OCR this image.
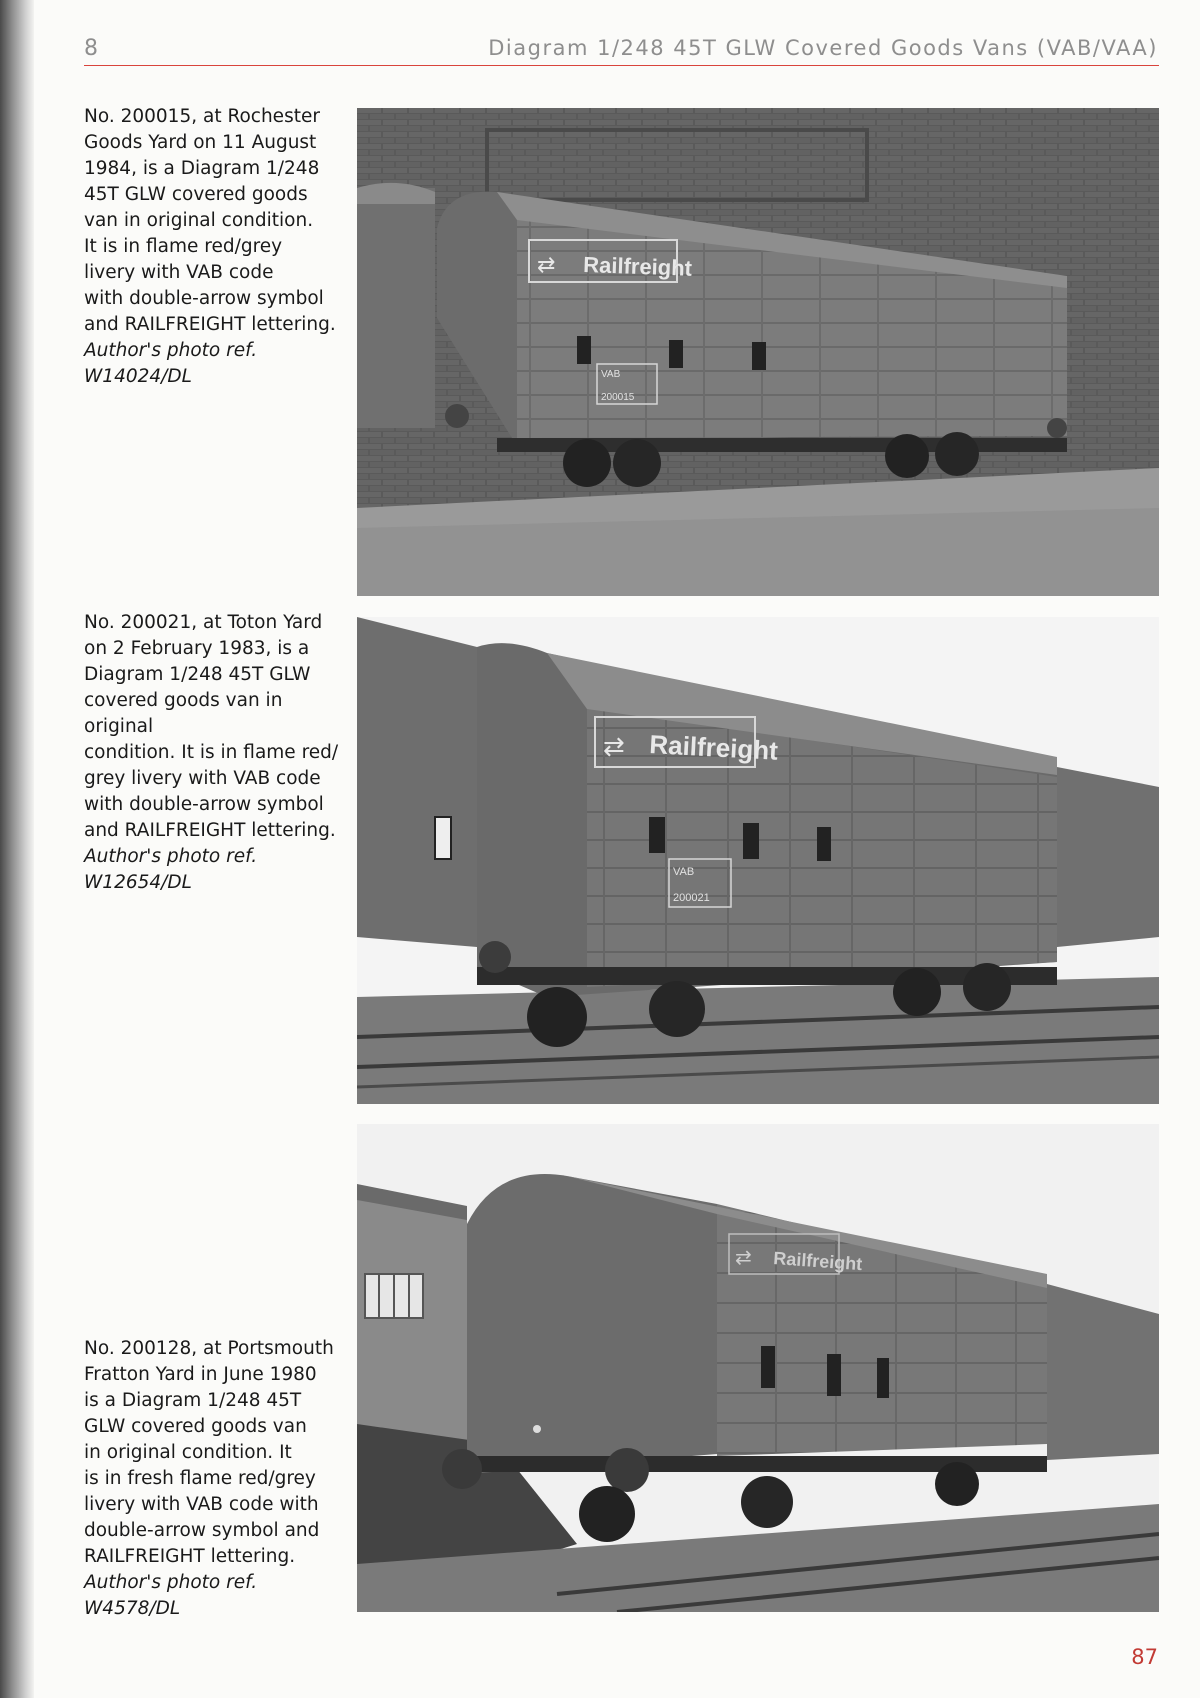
8	Diagram 1/248 45T GLW Covered Goods Vans (VAB/VAA)
No. 200015, at Rochester
Goods Yard on 11 August
1984, is a Diagram 1/248
45T GLW covered goods
van in original condition.
It is in flame red/grey
livery with VAB code
with double-arrow symbol
and RAILFREIGHT lettering.
Author's photo ref.
W14024/DL
⇄ Railfreight
VAB
200015
No. 200021, at Toton Yard
on 2 February 1983, is a
Diagram 1/248 45T GLW
covered goods van in original
condition. It is in flame red/
grey livery with VAB code
with double-arrow symbol
and RAILFREIGHT lettering.
Author's photo ref.
W12654/DL
⇄ Railfreight
VAB
200021
No. 200128, at Portsmouth
Fratton Yard in June 1980
is a Diagram 1/248 45T
GLW covered goods van
in original condition. It
is in fresh flame red/grey
livery with VAB code with
double-arrow symbol and
RAILFREIGHT lettering.
Author's photo ref.
W4578/DL
⇄ Railfreight
87
